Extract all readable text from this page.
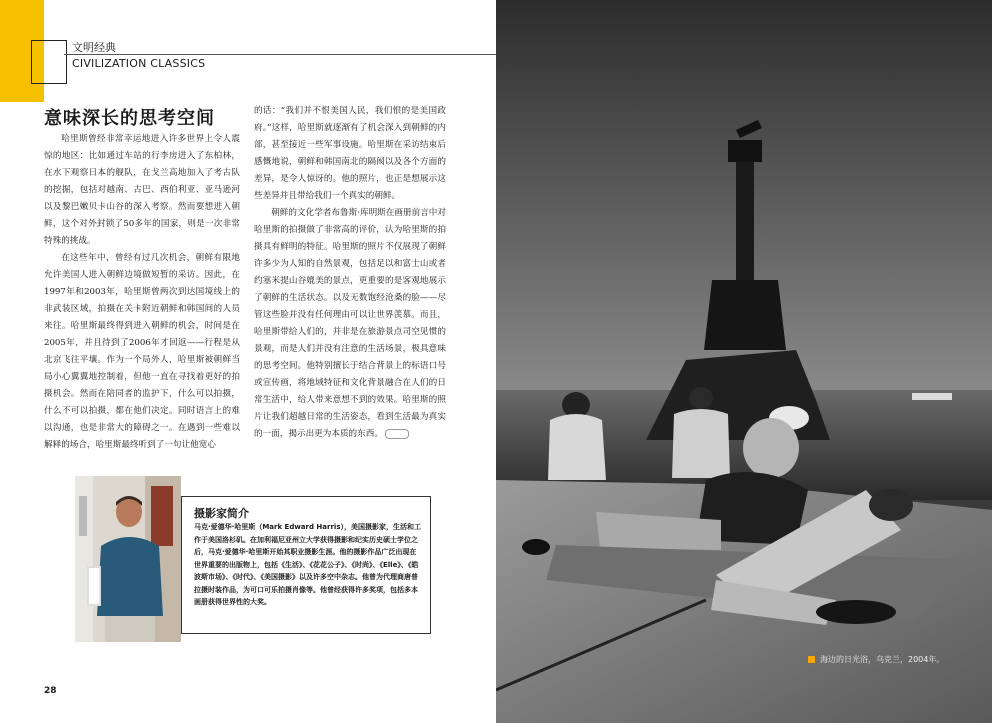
文明经典
CIVILIZATION CLASSICS
意味深长的思考空间

哈里斯曾经非常幸运地进入许多世界上令人震惊的地区：比如通过车站的行李房进入了东柏林，在水下观察日本的舰队，在戈兰高地加入了考古队的挖掘，包括对越南、古巴、西伯利亚、亚马逊河以及黎巴嫩贝卡山谷的深入考察。然而要想进入朝鲜，这个对外封锁了50多年的国家，则是一次非常特殊的挑战。

在这些年中，曾经有过几次机会，朝鲜有限地允许美国人进入朝鲜边境做短暂的采访。因此，在1997年和2003年，哈里斯曾两次到达国境线上的非武装区域，拍摄在关卡附近朝鲜和韩国间的人员来往。哈里斯最终得到进入朝鲜的机会，时间是在2005年，并且待到了2006年才回返——行程是从北京飞往平壤。作为一个局外人，哈里斯被朝鲜当局小心翼翼地控制着，但他一直在寻找着更好的拍摄机会。然而在陪同者的监护下，什么可以拍摄，什么不可以拍摄，都在他们决定。同时语言上的难以沟通，也是非常大的障碍之一。在遇到一些难以解释的场合，哈里斯最终听到了一句让他宽心

的话：“我们并不恨美国人民，我们恨的是美国政府。”这样，哈里斯就逐渐有了机会深入到朝鲜的内部，甚至接近一些军事设施。哈里斯在采访结束后感慨地说，朝鲜和韩国南北的隔阂以及各个方面的差异，是令人惊讶的。他的照片，也正是想展示这些差异并且带给我们一个真实的朝鲜。

朝鲜的文化学者布鲁斯·库明斯在画册前言中对哈里斯的拍摄做了非常高的评价，认为哈里斯的拍摄具有鲜明的特征。哈里斯的照片不仅展现了朝鲜许多少为人知的自然景观，包括足以和富士山或者约塞米提山谷媲美的景点，更重要的是客观地展示了朝鲜的生活状态。以及无数饱经沧桑的脸——尽管这些脸并没有任何理由可以让世界羡慕。而且，哈里斯带给人们的，并非是在旅游景点司空见惯的景观，而是人们并没有注意的生活场景，极具意味的思考空间。他特别擅长于结合背景上的标语口号或宣传画，将地域特征和文化背景融合在人们的日常生活中，给人带来意想不到的效果。哈里斯的照片让我们超越日常的生活姿态，看到生活最为真实的一面，揭示出更为本质的东西。

摄影家简介
马克·爱德华·哈里斯（Mark Edward Harris），美国摄影家，生活和工作于美国洛杉矶。在加利福尼亚州立大学获得摄影和纪实历史硕士学位之后，马克·爱德华·哈里斯开始其职业摄影生涯。他的摄影作品广泛出现在世界重要的出版物上，包括《生活》、《花花公子》、《时尚》、《Elle》、《皓波斯市场》、《时代》、《美国摄影》以及许多空中杂志。他曾为代理商唐普拉摄时装作品，为可口可乐拍摄肖像等。他曾经获得许多奖项，包括多本画册获得世界性的大奖。
28
海边的日光浴，乌克兰，2004年。
